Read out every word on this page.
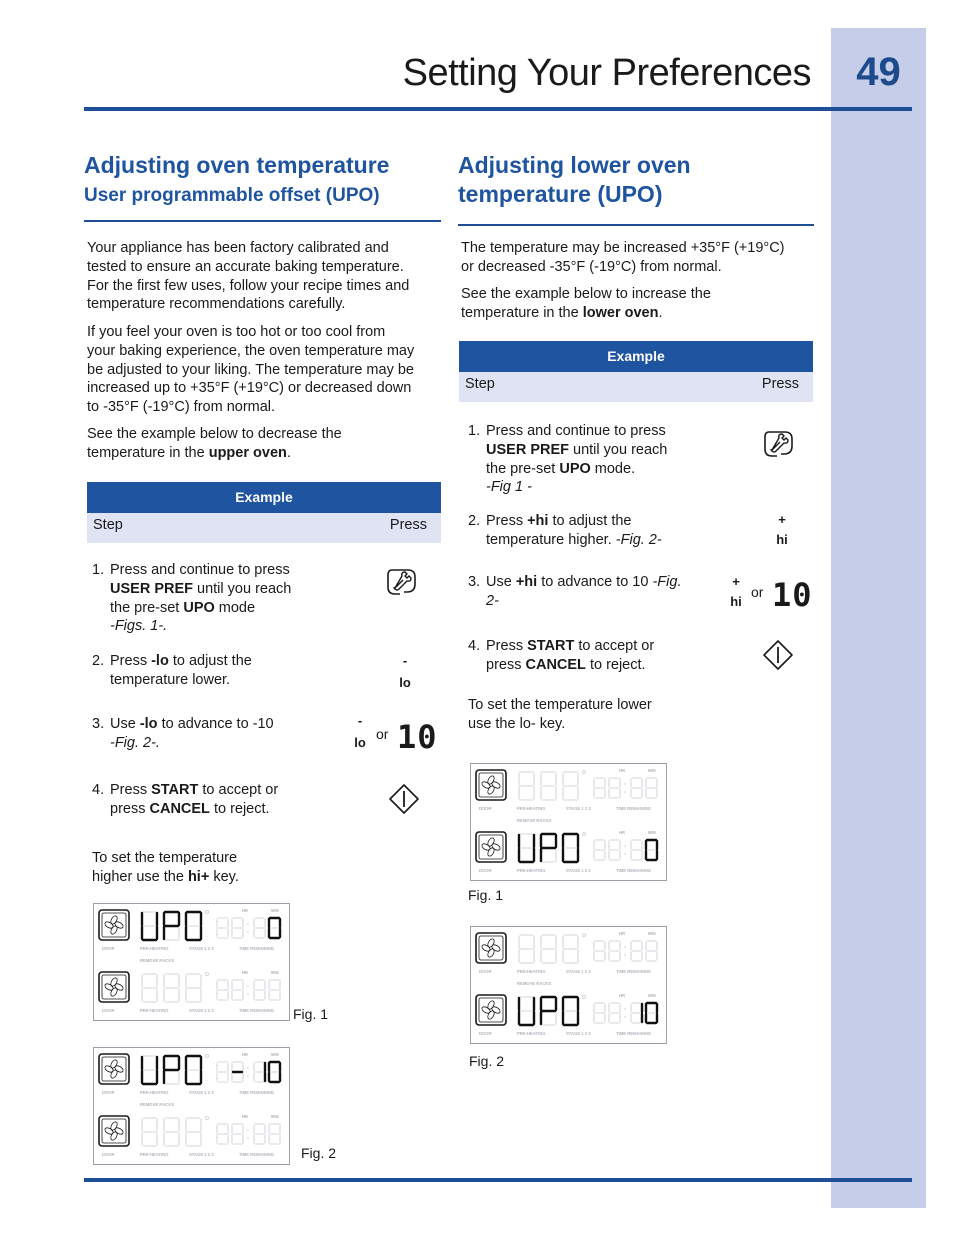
49
Setting Your Preferences
Adjusting oven temperature
User programmable offset (UPO)
Your appliance has been factory calibrated and
tested to ensure an accurate baking temperature.
For the first few uses, follow your recipe times and
temperature recommendations carefully.
If you feel your oven is too hot or too cool from
your baking experience, the oven temperature may
be adjusted to your liking. The temperature may be
increased up to +35°F (+19°C) or decreased down
to -35°F (-19°C) from normal.
See the example below to decrease the
temperature in the upper oven.
Example
Step	Press
1. Press and continue to press
USER PREF until you reach
the pre-set UPO mode
-Figs. 1-.
2. Press -lo to adjust the
temperature lower.
-
lo
3. Use -lo to advance to -10
-Fig. 2-.
-
lo
or 10
4. Press START to accept or
press CANCEL to reject.
To set the temperature
higher use the hi+ key.
HR	MIN
DOOR	PRE-HEATING	STAGE 1 2 3	TIME REMAINING
REMOVE RACKS
HR	MIN
DOOR	PRE-HEATING	STAGE 1 2 3	TIME REMAINING Fig. 1
HR	MIN
DOOR	PRE-HEATING	STAGE 1 2 3	TIME REMAINING
REMOVE RACKS
HR	MIN
DOOR	PRE-HEATING	STAGE 1 2 3	TIME REMAINING Fig. 2
Adjusting lower oven
temperature (UPO)
The temperature may be increased +35°F (+19°C)
or decreased -35°F (-19°C) from normal.
See the example below to increase the
temperature in the lower oven.
Example
Step	Press
1. Press and continue to press
USER PREF until you reach
the pre-set UPO mode.
-Fig 1 -
2. Press +hi to adjust the
temperature higher. -Fig. 2-
+
hi
3. Use +hi to advance to 10 -Fig.
2-
+
hi
or 10
4. Press START to accept or
press CANCEL to reject.
To set the temperature lower
use the lo- key.
HR	MIN
DOOR	PRE-HEATING	STAGE 1 2 3	TIME REMAINING
REMOVE RACKS
HR	MIN
DOOR	PRE-HEATING	STAGE 1 2 3	TIME REMAINING
Fig. 1
HR	MIN
DOOR	PRE-HEATING	STAGE 1 2 3	TIME REMAINING
REMOVE RACKS
HR	MIN
DOOR	PRE-HEATING	STAGE 1 2 3	TIME REMAINING
Fig. 2
